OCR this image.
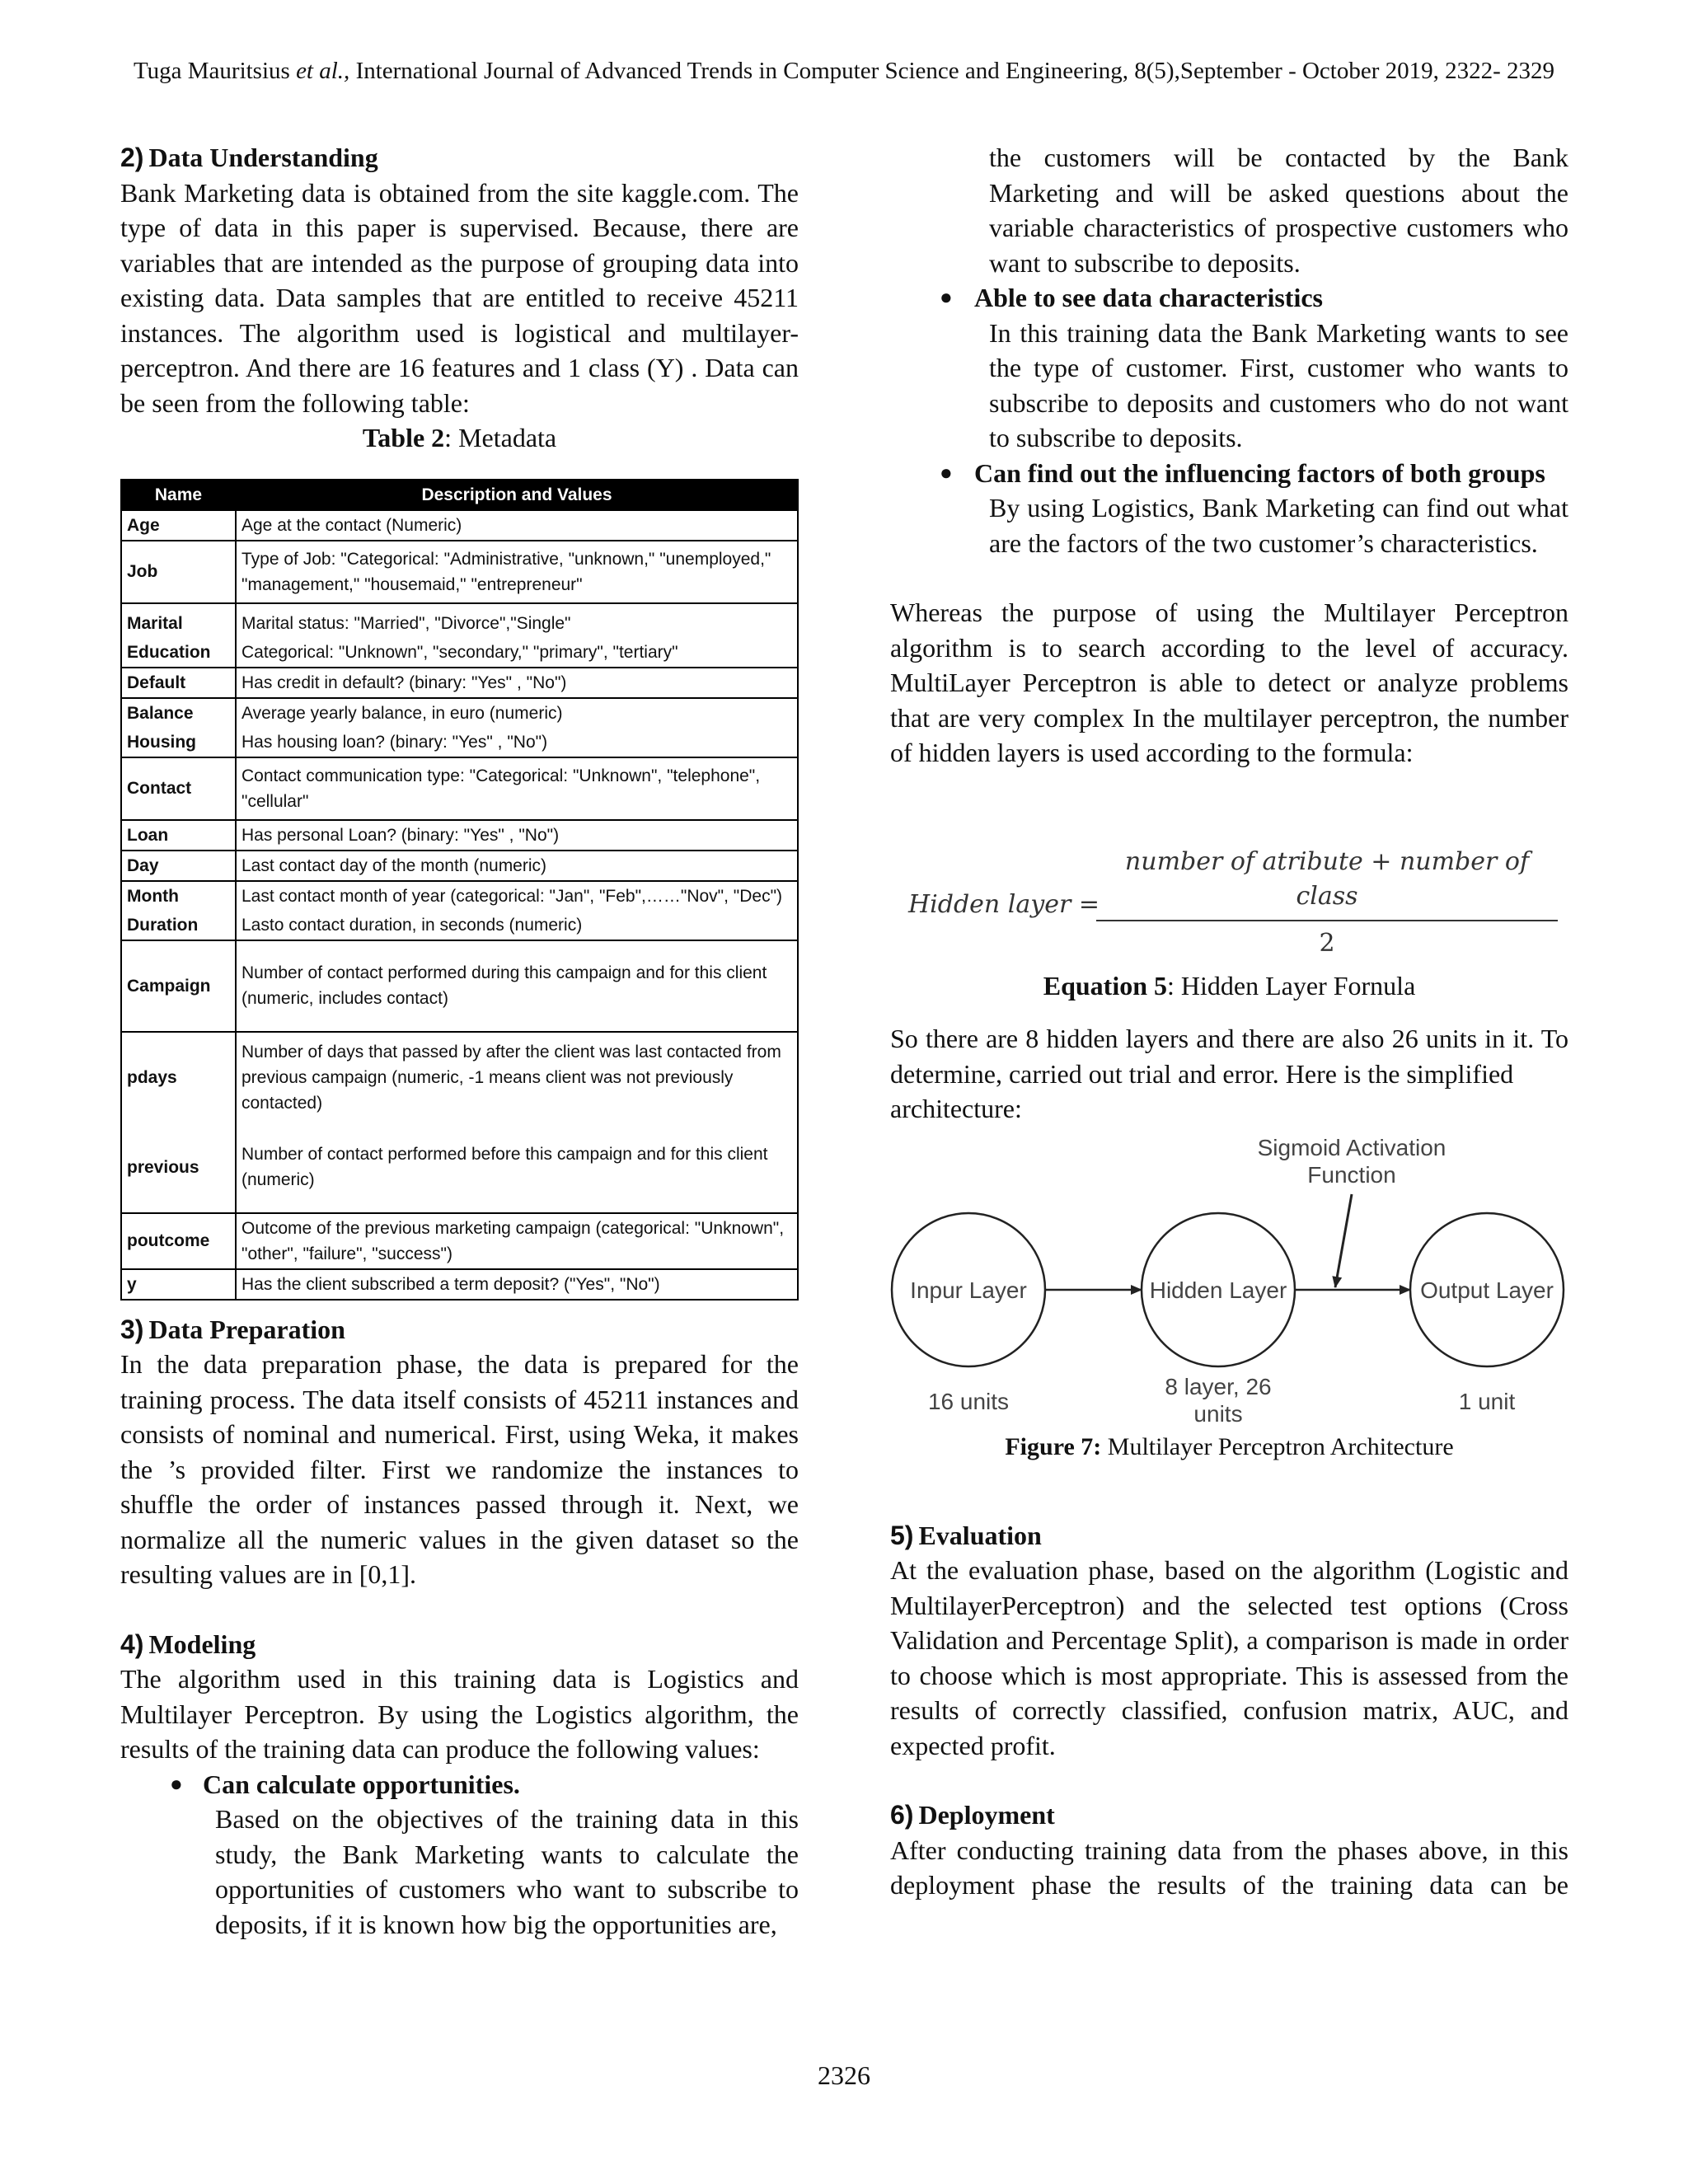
Tuga Mauritsius et al., International Journal of Advanced Trends in Computer Science and Engineering, 8(5),September - October 2019, 2322- 2329

2) Data Understanding

Bank Marketing data is obtained from the site kaggle.com. The type of data in this paper is supervised. Because, there are variables that are intended as the purpose of grouping data into existing data. Data samples that are entitled to receive 45211 instances. The algorithm used is logistical and multilayer-perceptron. And there are 16 features and 1 class (Y) . Data can be seen from the following table:

Table 2: Metadata

Name	Description and Values
Age	Age at the contact (Numeric)
Job	Type of Job: "Categorical: "Administrative, "unknown," "unemployed," "management," "housemaid," "entrepreneur"
Marital	Marital status: "Married", "Divorce","Single"
Education	Categorical: "Unknown", "secondary," "primary", "tertiary"
Default	Has credit in default? (binary: "Yes" , "No")
Balance	Average yearly balance, in euro (numeric)
Housing	Has housing loan? (binary: "Yes" , "No")
Contact	Contact communication type: "Categorical: "Unknown", "telephone", "cellular"
Loan	Has personal Loan? (binary: "Yes" , "No")
Day	Last contact day of the month (numeric)
Month	Last contact month of year (categorical: "Jan", "Feb",……"Nov", "Dec")
Duration	Lasto contact duration, in seconds (numeric)
Campaign	Number of contact performed during this campaign and for this client (numeric, includes contact)
pdays	Number of days that passed by after the client was last contacted from previous campaign (numeric, -1 means client was not previously contacted)
previous	Number of contact performed before this campaign and for this client (numeric)
poutcome	Outcome of the previous marketing campaign (categorical: "Unknown", "other", "failure", "success")
y	Has the client subscribed a term deposit? ("Yes", "No")

3) Data Preparation

In the data preparation phase, the data is prepared for the training process. The data itself consists of 45211 instances and consists of nominal and numerical. First, using Weka, it makes the ’s provided filter. First we randomize the instances to shuffle the order of instances passed through it. Next, we normalize all the numeric values in the given dataset so the resulting values are in [0,1].

4) Modeling

The algorithm used in this training data is Logistics and Multilayer Perceptron. By using the Logistics algorithm, the results of the training data can produce the following values:

● Can calculate opportunities.
Based on the objectives of the training data in this study, the Bank Marketing wants to calculate the opportunities of customers who want to subscribe to deposits, if it is known how big the opportunities are,
the customers will be contacted by the Bank Marketing and will be asked questions about the variable characteristics of prospective customers who want to subscribe to deposits.
● Able to see data characteristics
In this training data the Bank Marketing wants to see the type of customer. First, customer who wants to subscribe to deposits and customers who do not want to subscribe to deposits.
● Can find out the influencing factors of both groups
By using Logistics, Bank Marketing can find out what are the factors of the two customer’s characteristics.

Whereas the purpose of using the Multilayer Perceptron algorithm is to search according to the level of accuracy. MultiLayer Perceptron is able to detect or analyze problems that are very complex In the multilayer perceptron, the number of hidden layers is used according to the formula:

Hidden layer =
number of atribute + number of class
2

Equation 5: Hidden Layer Fornula

So there are 8 hidden layers and there are also 26 units in it. To determine, carried out trial and error. Here is the simplified

architecture:

Sigmoid Activation
Function
Inpur Layer	Hidden Layer	Output Layer
16 units
8 layer, 26
units	1 unit
Figure 7: Multilayer Perceptron Architecture

5) Evaluation

At the evaluation phase, based on the algorithm (Logistic and MultilayerPerceptron) and the selected test options (Cross Validation and Percentage Split), a comparison is made in order to choose which is most appropriate. This is assessed from the results of correctly classified, confusion matrix, AUC, and expected profit.

6) Deployment

After conducting training data from the phases above, in this deployment phase the results of the training data can be

2326
